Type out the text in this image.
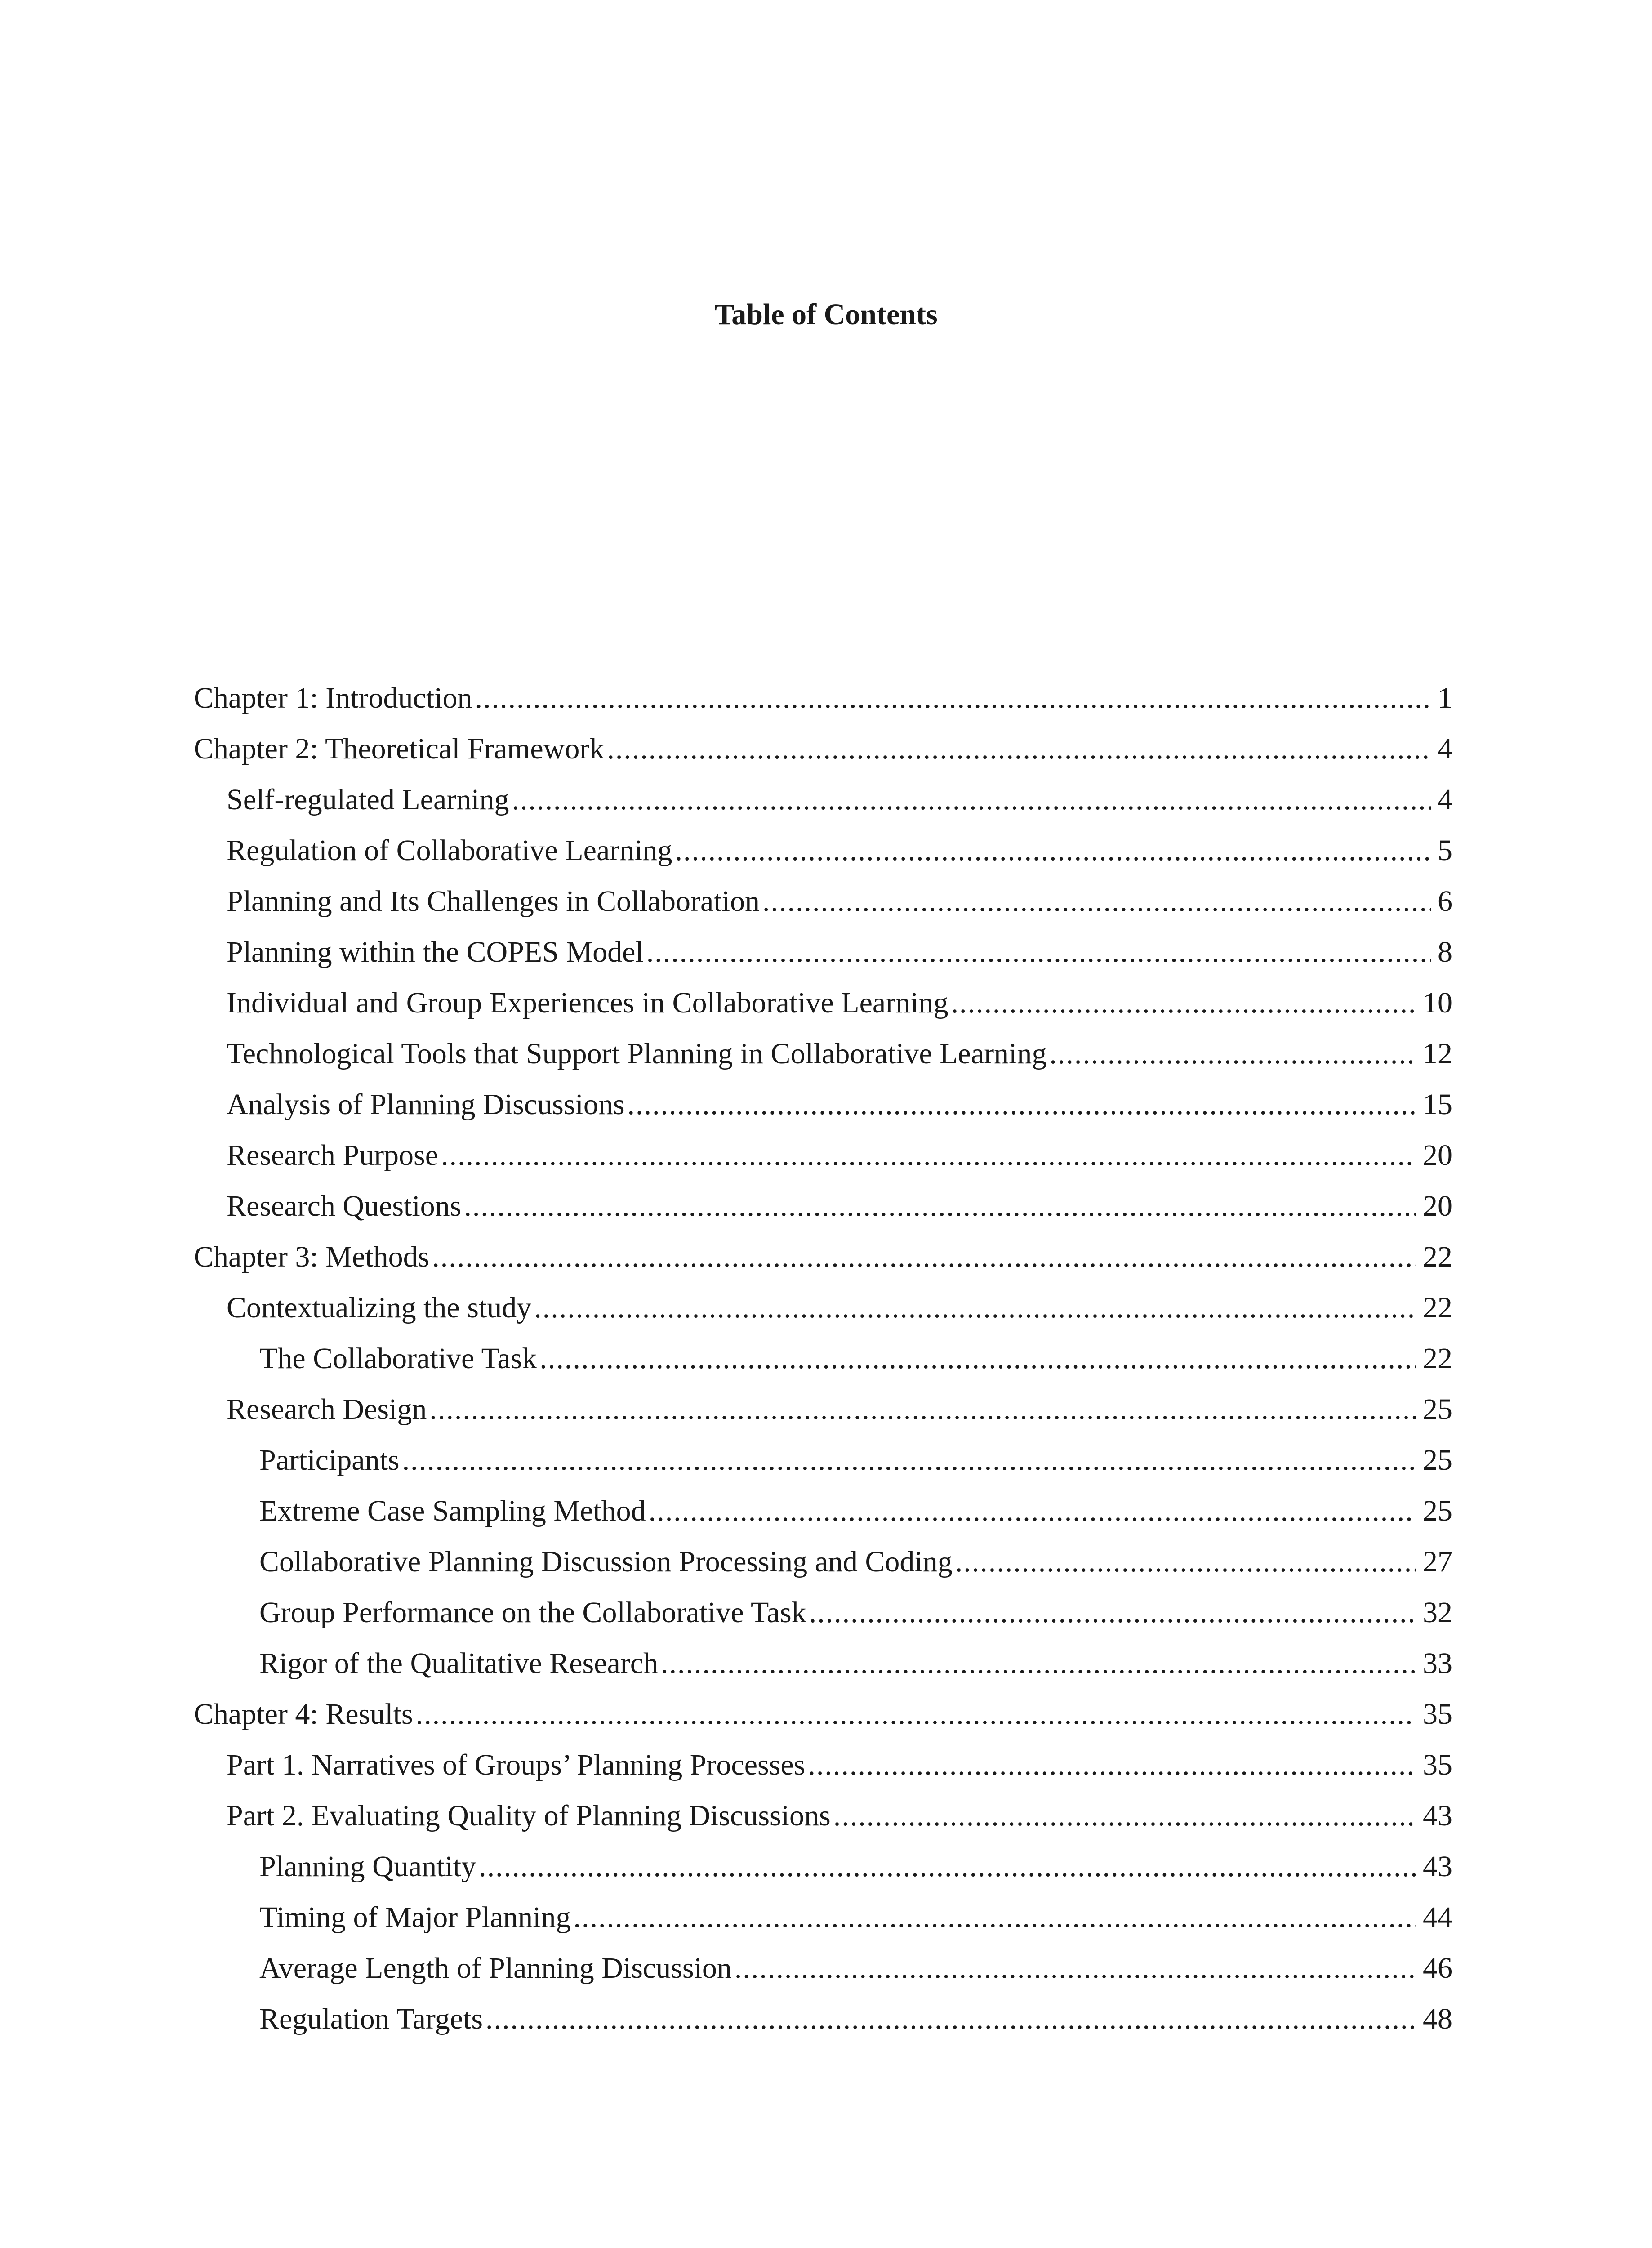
Table of Contents
Chapter 1: Introduction .....	1
Chapter 2: Theoretical Framework .....	4
Self-regulated Learning .....	4
Regulation of Collaborative Learning .....	5
Planning and Its Challenges in Collaboration .....	6
Planning within the COPES Model .....	8
Individual and Group Experiences in Collaborative Learning .....	10
Technological Tools that Support Planning in Collaborative Learning .....	12
Analysis of Planning Discussions .....	15
Research Purpose .....	20
Research Questions .....	20
Chapter 3: Methods .....	22
Contextualizing the study .....	22
The Collaborative Task .....	22
Research Design .....	25
Participants .....	25
Extreme Case Sampling Method .....	25
Collaborative Planning Discussion Processing and Coding .....	27
Group Performance on the Collaborative Task .....	32
Rigor of the Qualitative Research .....	33
Chapter 4: Results .....	35
Part 1. Narratives of Groups’ Planning Processes .....	35
Part 2. Evaluating Quality of Planning Discussions .....	43
Planning Quantity .....	43
Timing of Major Planning .....	44
Average Length of Planning Discussion .....	46
Regulation Targets .....	48
